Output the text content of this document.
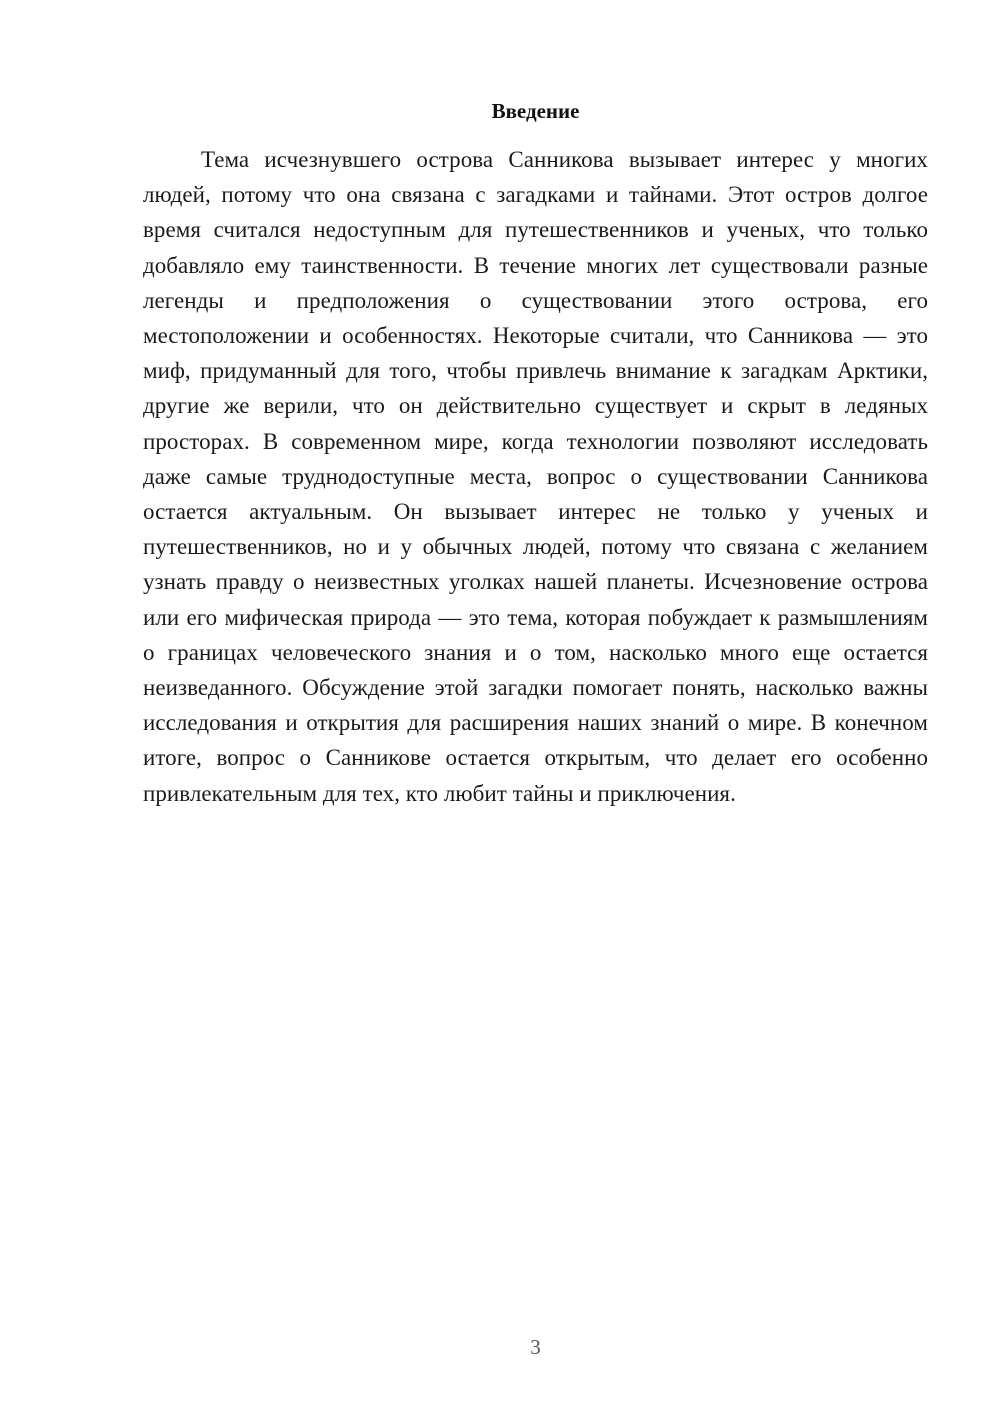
Введение

Тема исчезнувшего острова Санникова вызывает интерес у многих людей, потому что она связана с загадками и тайнами. Этот остров долгое время считался недоступным для путешественников и ученых, что только добавляло ему таинственности. В течение многих лет существовали разные легенды и предположения о существовании этого острова, его местоположении и особенностях. Некоторые считали, что Санникова — это миф, придуманный для того, чтобы привлечь внимание к загадкам Арктики, другие же верили, что он действительно существует и скрыт в ледяных просторах. В современном мире, когда технологии позволяют исследовать даже самые труднодоступные места, вопрос о существовании Санникова остается актуальным. Он вызывает интерес не только у ученых и путешественников, но и у обычных людей, потому что связана с желанием узнать правду о неизвестных уголках нашей планеты. Исчезновение острова или его мифическая природа — это тема, которая побуждает к размышлениям о границах человеческого знания и о том, насколько много еще остается неизведанного. Обсуждение этой загадки помогает понять, насколько важны исследования и открытия для расширения наших знаний о мире. В конечном итоге, вопрос о Санникове остается открытым, что делает его особенно привлекательным для тех, кто любит тайны и приключения.

3
